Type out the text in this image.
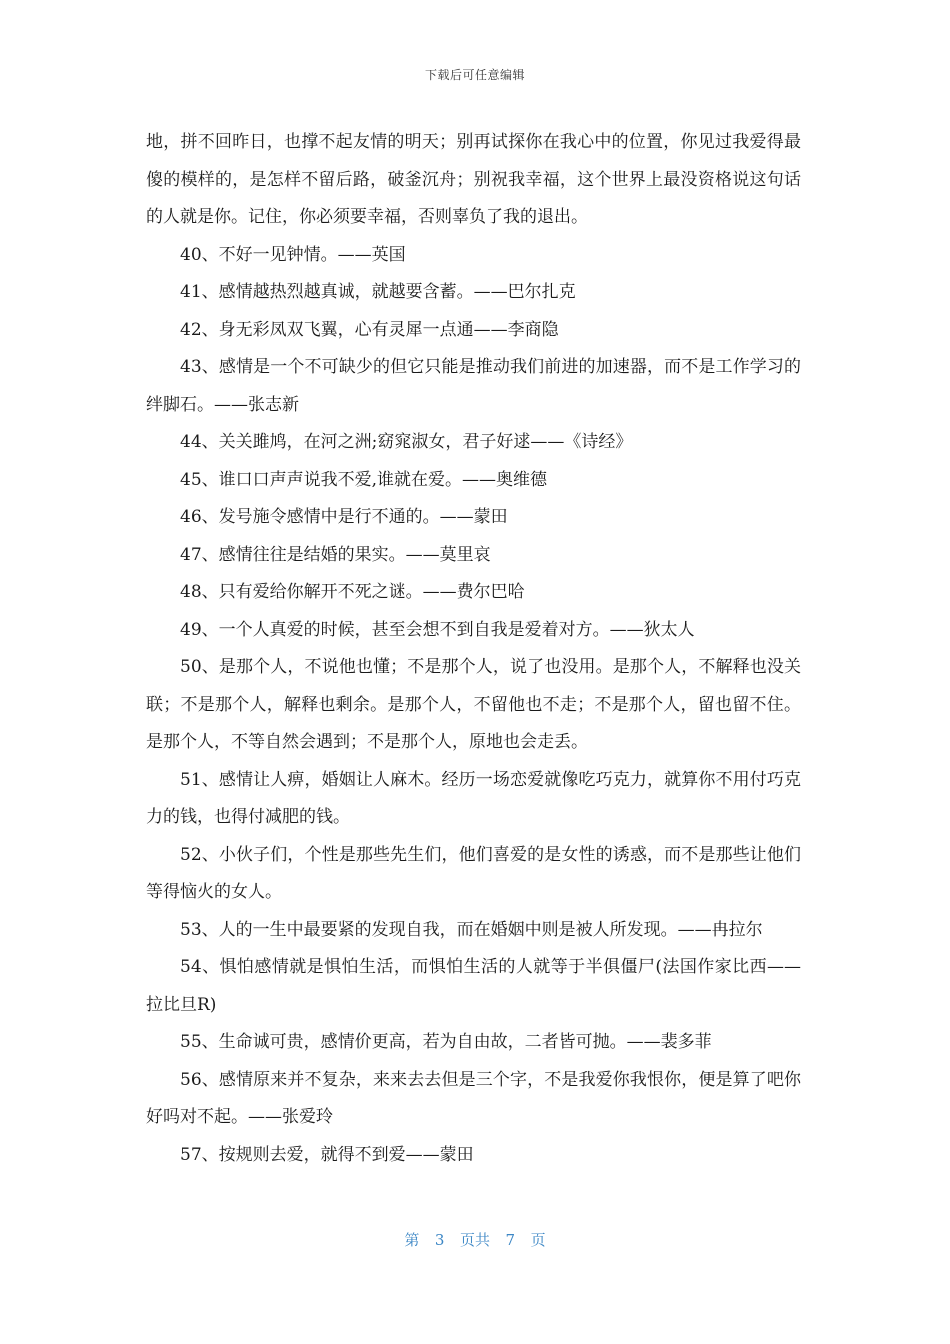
下载后可任意编辑

地，拼不回昨日，也撑不起友情的明天；别再试探你在我心中的位置，你见过我爱得最傻的模样的，是怎样不留后路，破釜沉舟；别祝我幸福，这个世界上最没资格说这句话的人就是你。记住，你必须要幸福，否则辜负了我的退出。

40、不好一见钟情。——英国

41、感情越热烈越真诚，就越要含蓄。——巴尔扎克

42、身无彩凤双飞翼，心有灵犀一点通——李商隐

43、感情是一个不可缺少的但它只能是推动我们前进的加速器，而不是工作学习的绊脚石。——张志新

44、关关雎鸠，在河之洲;窈窕淑女，君子好逑——《诗经》

45、谁口口声声说我不爱,谁就在爱。——奥维德

46、发号施令感情中是行不通的。——蒙田

47、感情往往是结婚的果实。——莫里哀

48、只有爱给你解开不死之谜。——费尔巴哈

49、一个人真爱的时候，甚至会想不到自我是爱着对方。——狄太人

50、是那个人，不说他也懂；不是那个人，说了也没用。是那个人，不解释也没关联；不是那个人，解释也剩余。是那个人，不留他也不走；不是那个人，留也留不住。是那个人，不等自然会遇到；不是那个人，原地也会走丢。

51、感情让人痹，婚姻让人麻木。经历一场恋爱就像吃巧克力，就算你不用付巧克力的钱，也得付减肥的钱。

52、小伙子们，个性是那些先生们，他们喜爱的是女性的诱惑，而不是那些让他们等得恼火的女人。

53、人的一生中最要紧的发现自我，而在婚姻中则是被人所发现。——冉拉尔

54、惧怕感情就是惧怕生活，而惧怕生活的人就等于半俱僵尸(法国作家比西——拉比旦R)

55、生命诚可贵，感情价更高，若为自由故，二者皆可抛。——裴多菲

56、感情原来并不复杂，来来去去但是三个字，不是我爱你我恨你，便是算了吧你好吗对不起。——张爱玲

57、按规则去爱，就得不到爱——蒙田

第  3  页共  7  页
